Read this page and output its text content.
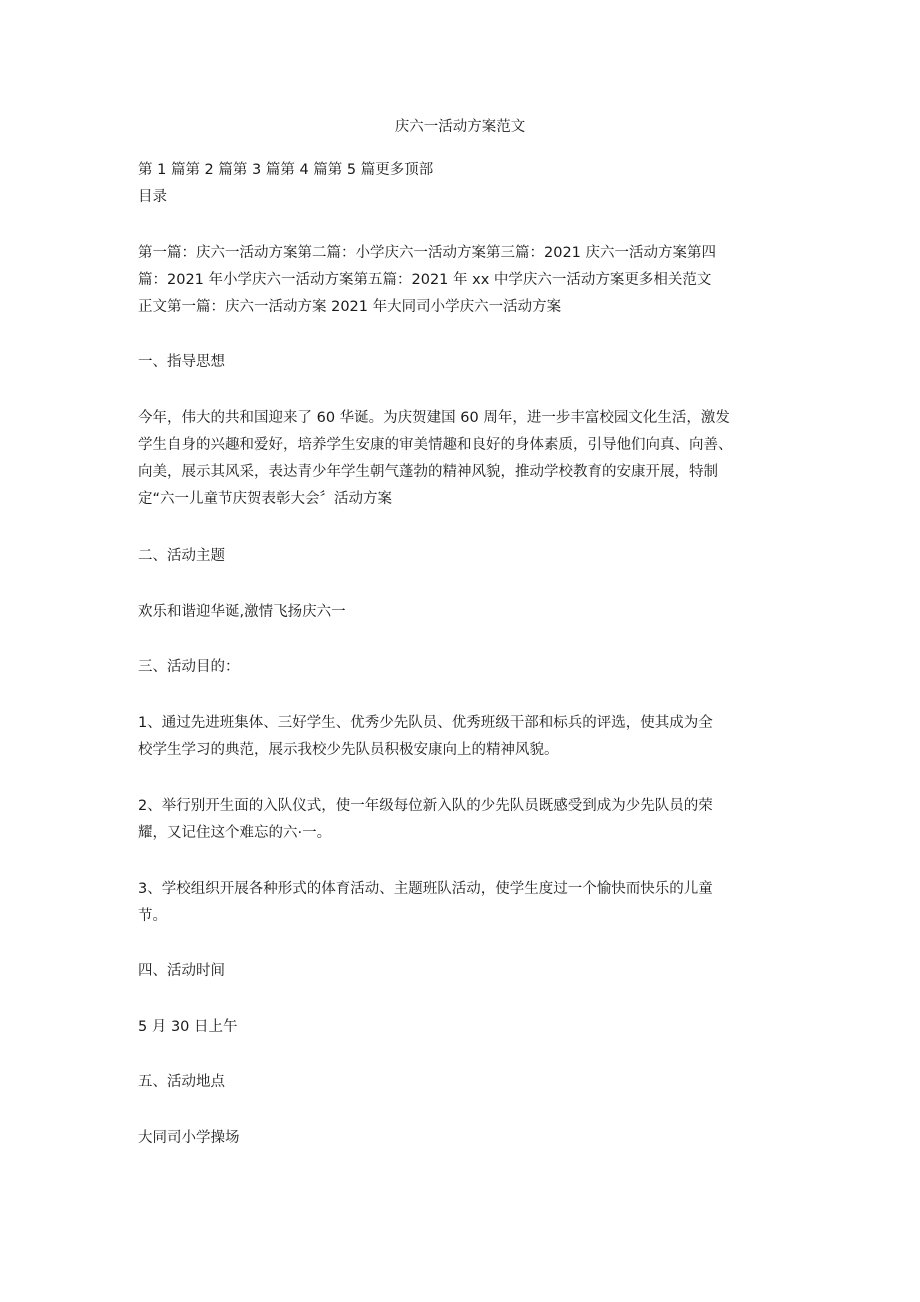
庆六一活动方案范文
第 1 篇第 2 篇第 3 篇第 4 篇第 5 篇更多顶部
目录
第一篇：庆六一活动方案第二篇：小学庆六一活动方案第三篇：2021 庆六一活动方案第四
篇：2021 年小学庆六一活动方案第五篇：2021 年 xx 中学庆六一活动方案更多相关范文
正文第一篇：庆六一活动方案 2021 年大同司小学庆六一活动方案
一、指导思想
今年，伟大的共和国迎来了 60 华诞。为庆贺建国 60 周年，进一步丰富校园文化生活，激发
学生自身的兴趣和爱好，培养学生安康的审美情趣和良好的身体素质，引导他们向真、向善、
向美，展示其风采，表达青少年学生朝气蓬勃的精神风貌，推动学校教育的安康开展，特制
定“六一儿童节庆贺表彰大会〞活动方案
二、活动主题
欢乐和谐迎华诞,激情飞扬庆六一
三、活动目的：
1、通过先进班集体、三好学生、优秀少先队员、优秀班级干部和标兵的评选，使其成为全
校学生学习的典范，展示我校少先队员积极安康向上的精神风貌。
2、举行别开生面的入队仪式，使一年级每位新入队的少先队员既感受到成为少先队员的荣
耀，又记住这个难忘的六·一。
3、学校组织开展各种形式的体育活动、主题班队活动，使学生度过一个愉快而快乐的儿童
节。
四、活动时间
5 月 30 日上午
五、活动地点
大同司小学操场
